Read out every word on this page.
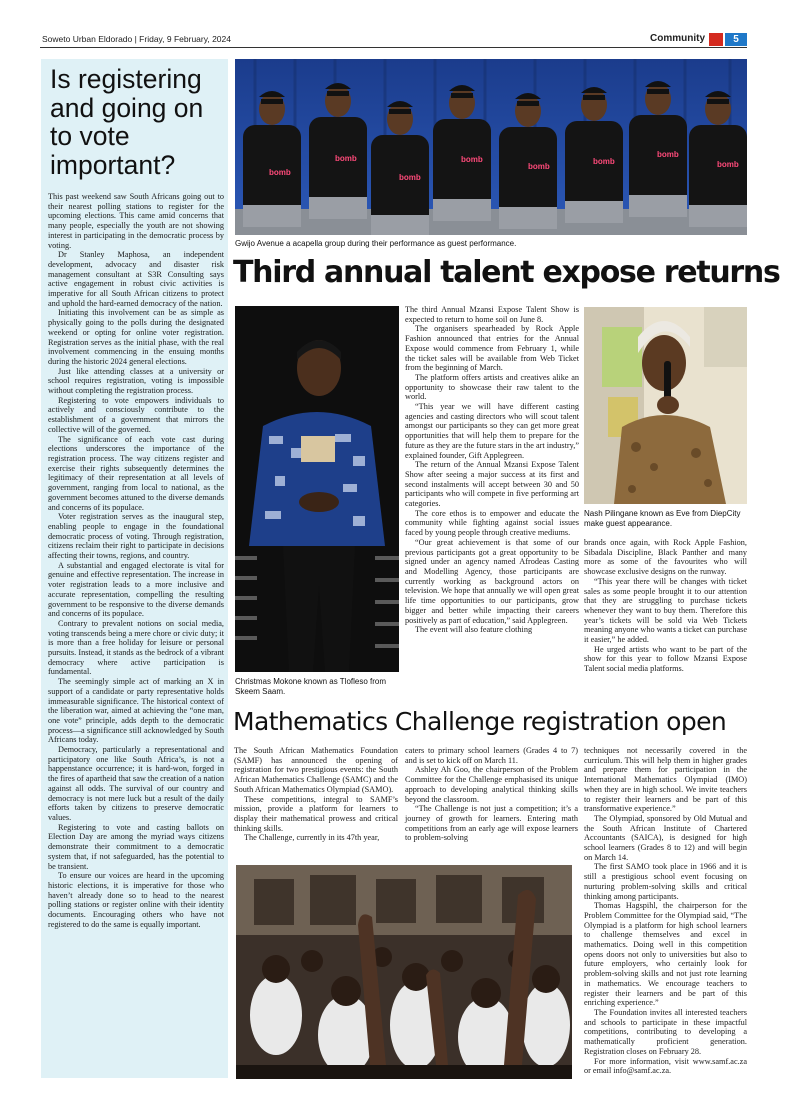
Soweto Urban Eldorado | Friday, 9 February, 2024	Community	5
Is registering and going on to vote important?

This past weekend saw South Africans going out to their nearest polling stations to register for the upcoming elections. This came amid concerns that many people, especially the youth are not showing interest in participating in the democratic process by voting.

Dr Stanley Maphosa, an independent development, advocacy and disaster risk management consultant at S3R Consulting says active engagement in robust civic activities is imperative for all South African citizens to protect and uphold the hard-earned democracy of the nation.

Initiating this involvement can be as simple as physically going to the polls during the designated weekend or opting for online voter registration. Registration serves as the initial phase, with the real involvement commencing in the ensuing months during the historic 2024 general elections.

Just like attending classes at a university or school requires registration, voting is impossible without completing the registration process.

Registering to vote empowers individuals to actively and consciously contribute to the establishment of a government that mirrors the collective will of the governed.

The significance of each vote cast during elections underscores the importance of the registration process. The way citizens register and exercise their rights subsequently determines the legitimacy of their representation at all levels of government, ranging from local to national, as the government becomes attuned to the diverse demands and concerns of its populace.

Voter registration serves as the inaugural step, enabling people to engage in the foundational democratic process of voting. Through registration, citizens reclaim their right to participate in decisions affecting their towns, regions, and country.

A substantial and engaged electorate is vital for genuine and effective representation. The increase in voter registration leads to a more inclusive and accurate representation, compelling the resulting government to be responsive to the diverse demands and concerns of its populace.

Contrary to prevalent notions on social media, voting transcends being a mere chore or civic duty; it is more than a free holiday for leisure or personal pursuits. Instead, it stands as the bedrock of a vibrant democracy where active participation is fundamental.

The seemingly simple act of marking an X in support of a candidate or party representative holds immeasurable significance. The historical context of the liberation war, aimed at achieving the “one man, one vote” principle, adds depth to the democratic process—a significance still acknowledged by South Africans today.

Democracy, particularly a representational and participatory one like South Africa’s, is not a happenstance occurrence; it is hard-won, forged in the fires of apartheid that saw the creation of a nation against all odds. The survival of our country and democracy is not mere luck but a result of the daily efforts taken by citizens to preserve democratic values.

Registering to vote and casting ballots on Election Day are among the myriad ways citizens demonstrate their commitment to a democratic system that, if not safeguarded, has the potential to be transient.

To ensure our voices are heard in the upcoming historic elections, it is imperative for those who haven’t already done so to head to the nearest polling stations or register online with their identity documents. Encouraging others who have not registered to do the same is equally important.

bomb
bomb
bomb
bomb
bomb
bomb
bomb
bomb
Gwijo Avenue a acapella group during their performance as guest performance.
Third annual talent expose returns
Christmas Mokone known as Tlofleso from Skeem Saam.

The third Annual Mzansi Expose Talent Show is expected to return to home soil on June 8.

The organisers spearheaded by Rock Apple Fashion announced that entries for the Annual Expose would commence from February 1, while the ticket sales will be available from Web Ticket from the beginning of March.

The platform offers artists and creatives alike an opportunity to showcase their raw talent to the world.

“This year we will have different casting agencies and casting directors who will scout talent amongst our participants so they can get more great opportunities that will help them to prepare for the future as they are the future stars in the art industry,” explained founder, Gift Applegreen.

The return of the Annual Mzansi Expose Talent Show after seeing a major success at its first and second instalments will accept between 30 and 50 participants who will compete in five performing art categories.

The core ethos is to empower and educate the community while fighting against social issues faced by young people through creative mediums.

“Our great achievement is that some of our previous participants got a great opportunity to be signed under an agency named Afrodeas Casting and Modelling Agency, those participants are currently working as background actors on television. We hope that annually we will open great life time opportunities to our participants, grow bigger and better while impacting their careers positively as part of education,” said Applegreen.

The event will also feature clothing

Nash Pilingane known as Eve from DiepCity make guest appearance.

brands once again, with Rock Apple Fashion, Sibadala Discipline, Black Panther and many more as some of the favourites who will showcase exclusive designs on the runway.

“This year there will be changes with ticket sales as some people brought it to our attention that they are struggling to purchase tickets whenever they want to buy them. Therefore this year’s tickets will be sold via Web Tickets meaning anyone who wants a ticket can purchase it easier,” he added.

He urged artists who want to be part of the show for this year to follow Mzansi Expose Talent social media platforms.

Mathematics Challenge registration open

The South African Mathematics Foundation (SAMF) has announced the opening of registration for two prestigious events: the South African Mathematics Challenge (SAMC) and the South African Mathematics Olympiad (SAMO).

These competitions, integral to SAMF’s mission, provide a platform for learners to display their mathematical prowess and critical thinking skills.

The Challenge, currently in its 47th year,

caters to primary school learners (Grades 4 to 7) and is set to kick off on March 11.

Ashley Ah Goo, the chairperson of the Problem Committee for the Challenge emphasised its unique approach to developing analytical thinking skills beyond the classroom.

“The Challenge is not just a competition; it’s a journey of growth for learners. Entering math competitions from an early age will expose learners to problem-solving

techniques not necessarily covered in the curriculum. This will help them in higher grades and prepare them for participation in the International Mathematics Olympiad (IMO) when they are in high school. We invite teachers to register their learners and be part of this transformative experience.”

The Olympiad, sponsored by Old Mutual and the South African Institute of Chartered Accountants (SAICA), is designed for high school learners (Grades 8 to 12) and will begin on March 14.

The first SAMO took place in 1966 and it is still a prestigious school event focusing on nurturing problem-solving skills and critical thinking among participants.

Thomas Hagspihl, the chairperson for the Problem Committee for the Olympiad said, “The Olympiad is a platform for high school learners to challenge themselves and excel in mathematics. Doing well in this competition opens doors not only to universities but also to future employers, who certainly look for problem-solving skills and not just rote learning in mathematics. We encourage teachers to register their learners and be part of this enriching experience.”

The Foundation invites all interested teachers and schools to participate in these impactful competitions, contributing to developing a mathematically proficient generation. Registration closes on February 28.

For more information, visit www.samf.ac.za or email info@samf.ac.za.
